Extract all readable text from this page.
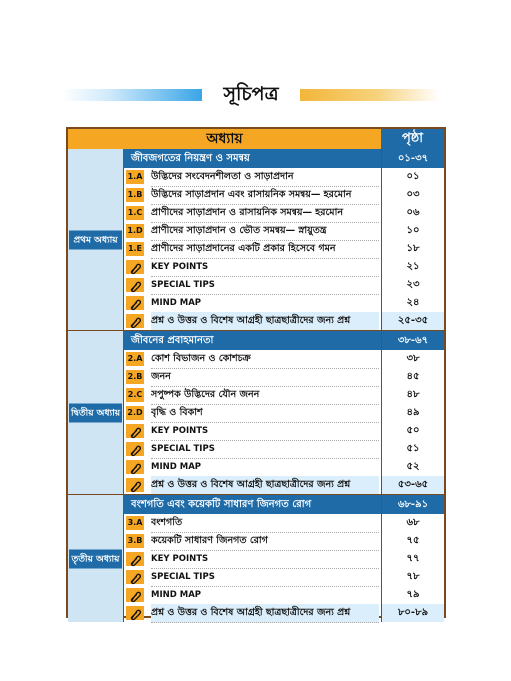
সূচিপত্র
অধ্যায়	পৃষ্ঠা
প্রথম অধ্যায়
জীবজগতের নিয়ন্ত্রণ ও সমন্বয়	০১-৩৭
1.A উদ্ভিদের সংবেদনশীলতা ও সাড়াপ্রদান	০১
1.B উদ্ভিদের সাড়াপ্রদান এবং রাসায়নিক সমন্বয়— হরমোন	০৩
1.C প্রাণীদের সাড়াপ্রদান ও রাসায়নিক সমন্বয়— হরমোন	০৬
1.D প্রাণীদের সাড়াপ্রদান ও ভৌত সমন্বয়— স্নায়ুতন্ত্র	১০
1.E প্রাণীদের সাড়াপ্রদানের একটি প্রকার হিসেবে গমন	১৮
KEY POINTS	২১
SPECIAL TIPS	২৩
MIND MAP	২৪
প্রশ্ন ও উত্তর ও বিশেষ আগ্রহী ছাত্রছাত্রীদের জন্য প্রশ্ন	২৫-৩৫
দ্বিতীয় অধ্যায়
জীবনের প্রবাহমানতা	৩৮-৬৭
2.A কোশ বিভাজন ও কোশচক্র	৩৮
2.B জনন	৪৫
2.C সপুষ্পক উদ্ভিদের যৌন জনন	৪৮
2.D বৃদ্ধি ও বিকাশ	৪৯
KEY POINTS	৫০
SPECIAL TIPS	৫১
MIND MAP	৫২
প্রশ্ন ও উত্তর ও বিশেষ আগ্রহী ছাত্রছাত্রীদের জন্য প্রশ্ন	৫৩-৬৫
তৃতীয় অধ্যায়
বংশগতি এবং কয়েকটি সাধারণ জিনগত রোগ	৬৮-৯১
3.A বংশগতি	৬৮
3.B কয়েকটি সাধারণ জিনগত রোগ	৭৫
KEY POINTS	৭৭
SPECIAL TIPS	৭৮
MIND MAP	৭৯
প্রশ্ন ও উত্তর ও বিশেষ আগ্রহী ছাত্রছাত্রীদের জন্য প্রশ্ন	৮০-৮৯
